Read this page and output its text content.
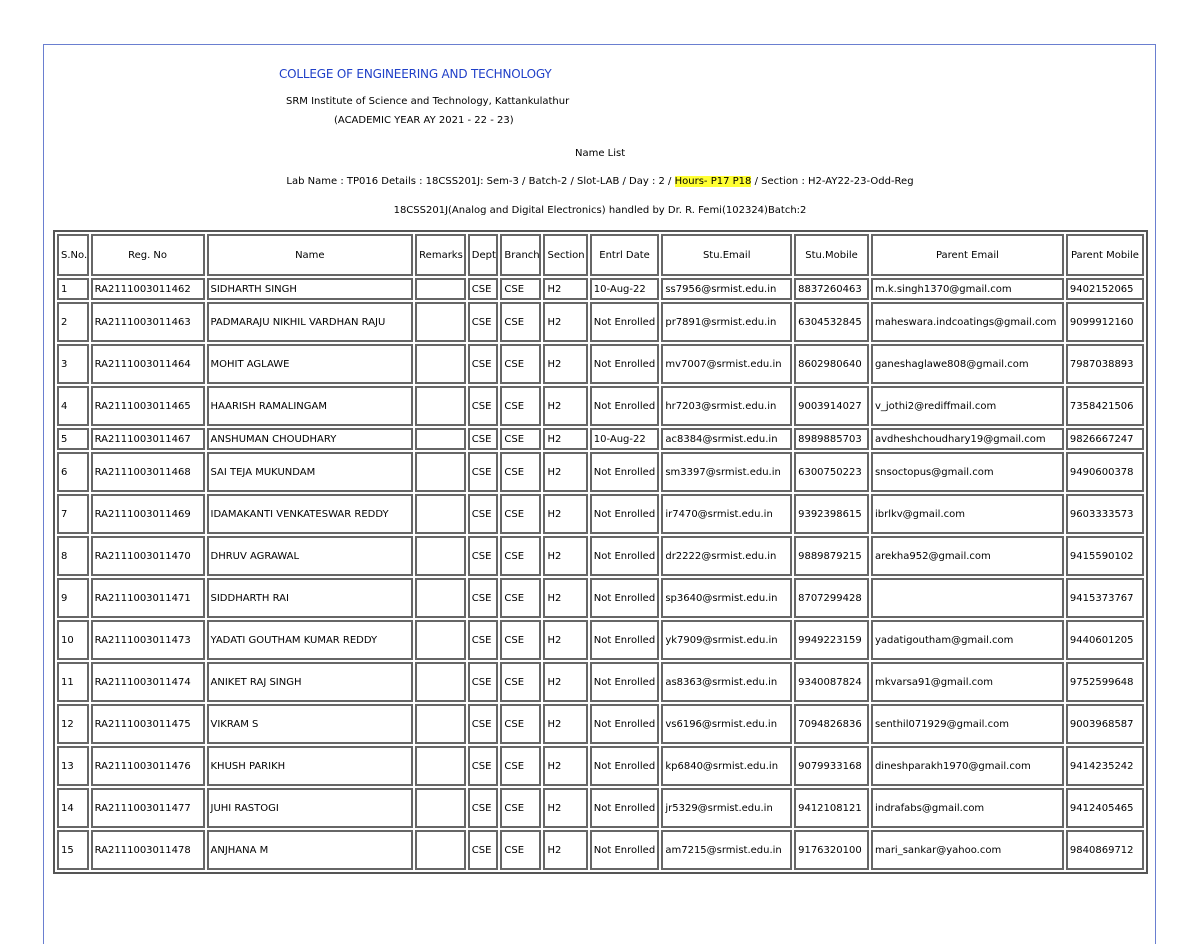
COLLEGE OF ENGINEERING AND TECHNOLOGY
SRM Institute of Science and Technology, Kattankulathur
(ACADEMIC YEAR AY 2021 - 22 - 23)
Name List
Lab Name : TP016 Details : 18CSS201J: Sem-3 / Batch-2 / Slot-LAB / Day : 2 / Hours- P17 P18 / Section : H2-AY22-23-Odd-Reg
18CSS201J(Analog and Digital Electronics) handled by Dr. R. Femi(102324)Batch:2
S.No.	Reg. No	Name	Remarks	Dept	Branch	Section	Entrl Date	Stu.Email	Stu.Mobile	Parent Email	Parent Mobile
1	RA2111003011462	SIDHARTH SINGH		CSE	CSE	H2	10-Aug-22	ss7956@srmist.edu.in	8837260463	m.k.singh1370@gmail.com	9402152065
2	RA2111003011463	PADMARAJU NIKHIL VARDHAN RAJU		CSE	CSE	H2	Not Enrolled	pr7891@srmist.edu.in	6304532845	maheswara.indcoatings@gmail.com	9099912160
3	RA2111003011464	MOHIT AGLAWE		CSE	CSE	H2	Not Enrolled	mv7007@srmist.edu.in	8602980640	ganeshaglawe808@gmail.com	7987038893
4	RA2111003011465	HAARISH RAMALINGAM		CSE	CSE	H2	Not Enrolled	hr7203@srmist.edu.in	9003914027	v_jothi2@rediffmail.com	7358421506
5	RA2111003011467	ANSHUMAN CHOUDHARY		CSE	CSE	H2	10-Aug-22	ac8384@srmist.edu.in	8989885703	avdheshchoudhary19@gmail.com	9826667247
6	RA2111003011468	SAI TEJA MUKUNDAM		CSE	CSE	H2	Not Enrolled	sm3397@srmist.edu.in	6300750223	snsoctopus@gmail.com	9490600378
7	RA2111003011469	IDAMAKANTI VENKATESWAR REDDY		CSE	CSE	H2	Not Enrolled	ir7470@srmist.edu.in	9392398615	ibrlkv@gmail.com	9603333573
8	RA2111003011470	DHRUV AGRAWAL		CSE	CSE	H2	Not Enrolled	dr2222@srmist.edu.in	9889879215	arekha952@gmail.com	9415590102
9	RA2111003011471	SIDDHARTH RAI		CSE	CSE	H2	Not Enrolled	sp3640@srmist.edu.in	8707299428		9415373767
10	RA2111003011473	YADATI GOUTHAM KUMAR REDDY		CSE	CSE	H2	Not Enrolled	yk7909@srmist.edu.in	9949223159	yadatigoutham@gmail.com	9440601205
11	RA2111003011474	ANIKET RAJ SINGH		CSE	CSE	H2	Not Enrolled	as8363@srmist.edu.in	9340087824	mkvarsa91@gmail.com	9752599648
12	RA2111003011475	VIKRAM S		CSE	CSE	H2	Not Enrolled	vs6196@srmist.edu.in	7094826836	senthil071929@gmail.com	9003968587
13	RA2111003011476	KHUSH PARIKH		CSE	CSE	H2	Not Enrolled	kp6840@srmist.edu.in	9079933168	dineshparakh1970@gmail.com	9414235242
14	RA2111003011477	JUHI RASTOGI		CSE	CSE	H2	Not Enrolled	jr5329@srmist.edu.in	9412108121	indrafabs@gmail.com	9412405465
15	RA2111003011478	ANJHANA M		CSE	CSE	H2	Not Enrolled	am7215@srmist.edu.in	9176320100	mari_sankar@yahoo.com	9840869712
